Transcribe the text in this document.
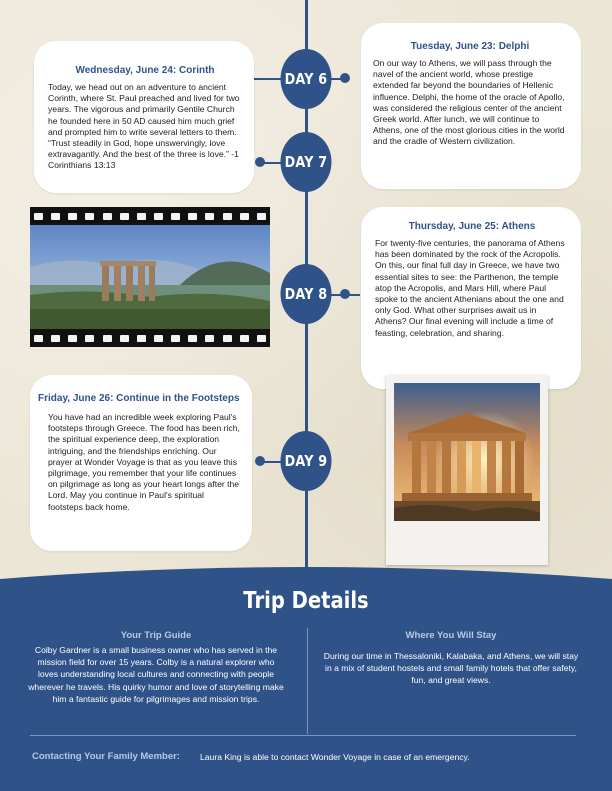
DAY 6
DAY 7
DAY 8
DAY 9

Tuesday, June 23: Delphi

On our way to Athens, we will pass through the navel of the ancient world, whose prestige extended far beyond the boundaries of Hellenic influence. Delphi, the home of the oracle of Apollo, was considered the religious center of the ancient Greek world. After lunch, we will continue to Athens, one of the most glorious cities in the world and the cradle of Western civilization.

Wednesday, June 24: Corinth

Today, we head out on an adventure to ancient Corinth, where St. Paul preached and lived for two years. The vigorous and primarily Gentile Church he founded here in 50 AD caused him much grief and prompted him to write several letters to them. “Trust steadily in God, hope unswervingly, love extravagantly. And the best of the three is love.” -1 Corinthians 13:13

Thursday, June 25: Athens

For twenty-five centuries, the panorama of Athens has been dominated by the rock of the Acropolis. On this, our final full day in Greece, we have two essential sites to see: the Parthenon, the temple atop the Acropolis, and Mars Hill, where Paul spoke to the ancient Athenians about the one and only God. What other surprises await us in Athens? Our final evening will include a time of feasting, celebration, and sharing.

Friday, June 26: Continue in the Footsteps

You have had an incredible week exploring Paul's footsteps through Greece. The food has been rich, the spiritual experience deep, the exploration intriguing, and the friendships enriching. Our prayer at Wonder Voyage is that as you leave this pilgrimage, you remember that your life continues on pilgrimage as long as your heart longs after the Lord. May you continue in Paul's spiritual footsteps back home.

Trip Details
Your Trip Guide
Colby Gardner is a small business owner who has served in the mission field for over 15 years. Colby is a natural explorer who loves understanding local cultures and connecting with people wherever he travels. His quirky humor and love of storytelling make him a fantastic guide for pilgrimages and mission trips.
Where You Will Stay
During our time in Thessaloniki, Kalabaka, and Athens, we will stay in a mix of student hostels and small family hotels that offer safety, fun, and great views.
Contacting Your Family Member: Laura King is able to contact Wonder Voyage in case of an emergency.
